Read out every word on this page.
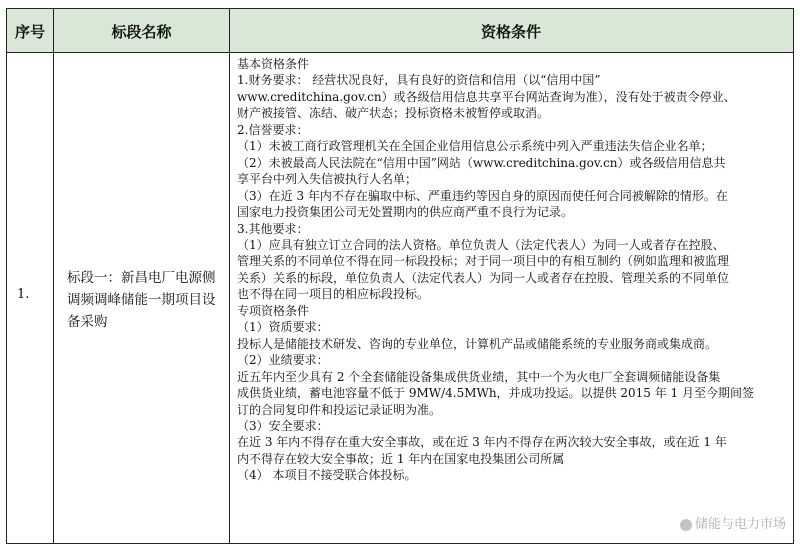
序号	标段名称	资格条件
1.
标段一：新昌电厂电源侧调频调峰储能一期项目设备采购
基本资格条件
1.财务要求： 经营状况良好，具有良好的资信和信用（以“信用中国”
www.creditchina.gov.cn）或各级信用信息共享平台网站查询为准），没有处于被责令停业、
财产被接管、冻结、破产状态；投标资格未被暂停或取消。
2.信誉要求：
（1）未被工商行政管理机关在全国企业信用信息公示系统中列入严重违法失信企业名单；
（2）未被最高人民法院在“信用中国”网站（www.creditchina.gov.cn）或各级信用信息共
享平台中列入失信被执行人名单；
（3）在近 3 年内不存在骗取中标、严重违约等因自身的原因而使任何合同被解除的情形。在
国家电力投资集团公司无处置期内的供应商严重不良行为记录。
3.其他要求：
（1）应具有独立订立合同的法人资格。单位负责人（法定代表人）为同一人或者存在控股、
管理关系的不同单位不得在同一标段投标；对于同一项目中的有相互制约（例如监理和被监理
关系）关系的标段，单位负责人（法定代表人）为同一人或者存在控股、管理关系的不同单位
也不得在同一项目的相应标段投标。
专项资格条件
（1）资质要求：
投标人是储能技术研发、咨询的专业单位，计算机产品或储能系统的专业服务商或集成商。
（2）业绩要求：
近五年内至少具有 2 个全套储能设备集成供货业绩，其中一个为火电厂全套调频储能设备集
成供货业绩，蓄电池容量不低于 9MW/4.5MWh，并成功投运。以提供 2015 年 1 月至今期间签
订的合同复印件和投运记录证明为准。
（3）安全要求：
在近 3 年内不得存在重大安全事故，或在近 3 年内不得存在两次较大安全事故，或在近 1 年
内不得存在较大安全事故；近 1 年内在国家电投集团公司所属
（4） 本项目不接受联合体投标。
储能与电力市场
